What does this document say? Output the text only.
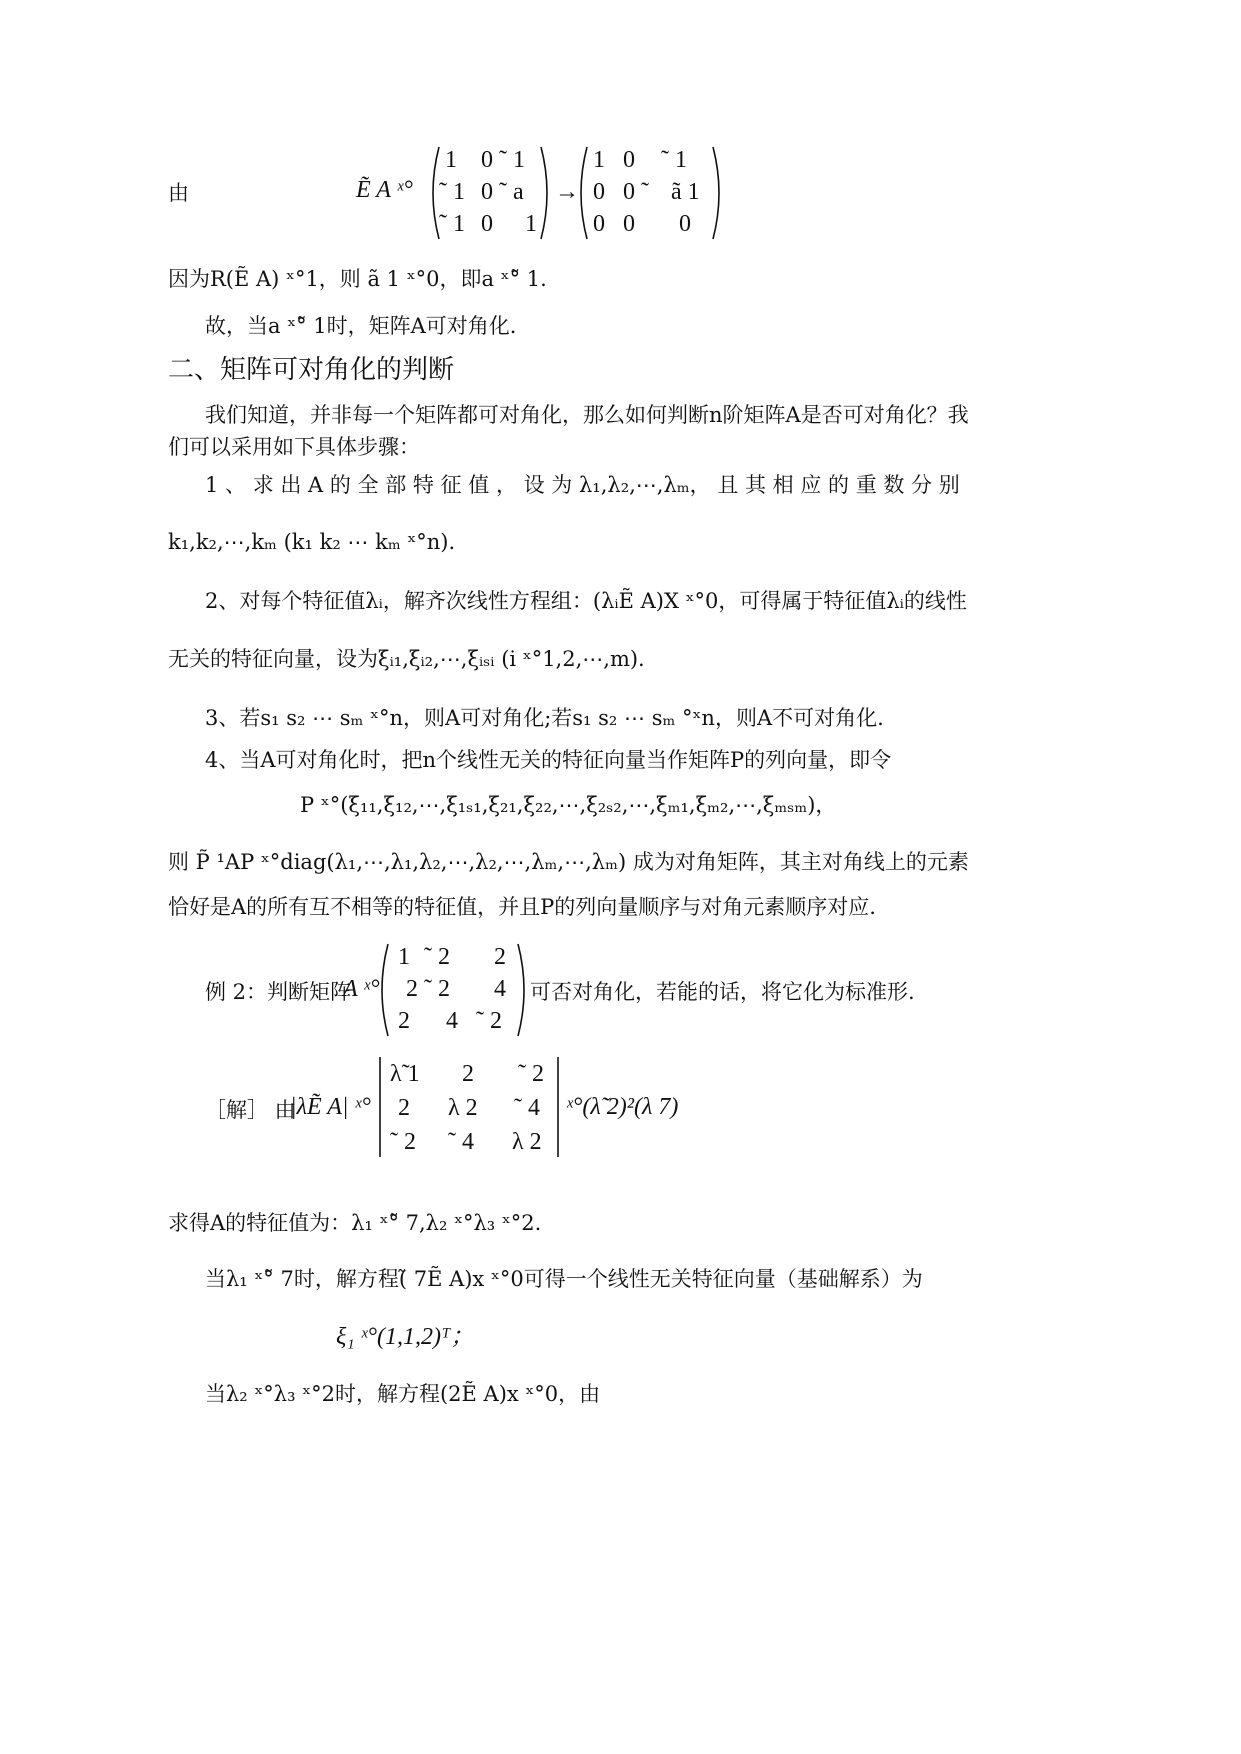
由	Ẽ A ˣ°
1 0 ˜ 1
˜ 1 0 ˜ a
˜ 1 0 1
→
1 0 ˜ 1
0 0 ˜ ã 1
0 0 0
因为R(Ẽ A) ˣ°1，则 ã 1 ˣ°0，即a ˣ°̃ 1.
故，当a ˣ°̃ 1时，矩阵A可对角化.
二、矩阵可对角化的判断
我们知道，并非每一个矩阵都可对角化，那么如何判断n阶矩阵A是否可对角化？我
们可以采用如下具体步骤：
1 、 求 出 A 的 全 部 特 征 值 ， 设 为 λ₁,λ₂,⋯,λₘ， 且 其 相 应 的 重 数 分 别
k₁,k₂,⋯,kₘ (k₁ k₂ ⋯ kₘ ˣ°n).
2、对每个特征值λᵢ，解齐次线性方程组：(λᵢẼ A)X ˣ°0，可得属于特征值λᵢ的线性
无关的特征向量，设为ξᵢ₁,ξᵢ₂,⋯,ξᵢₛᵢ (i ˣ°1,2,⋯,m).
3、若s₁ s₂ ⋯ sₘ ˣ°n，则A可对角化;若s₁ s₂ ⋯ sₘ °ˣn，则A不可对角化.
4、当A可对角化时，把n个线性无关的特征向量当作矩阵P的列向量，即令
P ˣ°(ξ₁₁,ξ₁₂,⋯,ξ₁ₛ₁,ξ₂₁,ξ₂₂,⋯,ξ₂ₛ₂,⋯,ξₘ₁,ξₘ₂,⋯,ξₘₛₘ)，
则 P̃ ¹AP ˣ°diag(λ₁,⋯,λ₁,λ₂,⋯,λ₂,⋯,λₘ,⋯,λₘ) 成为对角矩阵，其主对角线上的元素
恰好是A的所有互不相等的特征值，并且P的列向量顺序与对角元素顺序对应.
例 2：判断矩阵
A ˣ°
1 ˜ 2 2
2 ˜ 2 4
2 4 ˜ 2
可否对角化，若能的话，将它化为标准形.
［解］ 由
|λẼ A| ˣ°
λ̃ 1 2 ˜ 2
2 λ 2 ˜ 4
˜ 2 ˜ 4 λ 2
ˣ°(λ̃ 2)²(λ 7)
求得A的特征值为：λ₁ ˣ°̃ 7,λ₂ ˣ°λ₃ ˣ°2.
当λ₁ ˣ°̃ 7时，解方程(̃ 7Ẽ A)x ˣ°0可得一个线性无关特征向量（基础解系）为
ξ₁ ˣ°(1,1,2)ᵀ；
当λ₂ ˣ°λ₃ ˣ°2时，解方程(2Ẽ A)x ˣ°0，由
